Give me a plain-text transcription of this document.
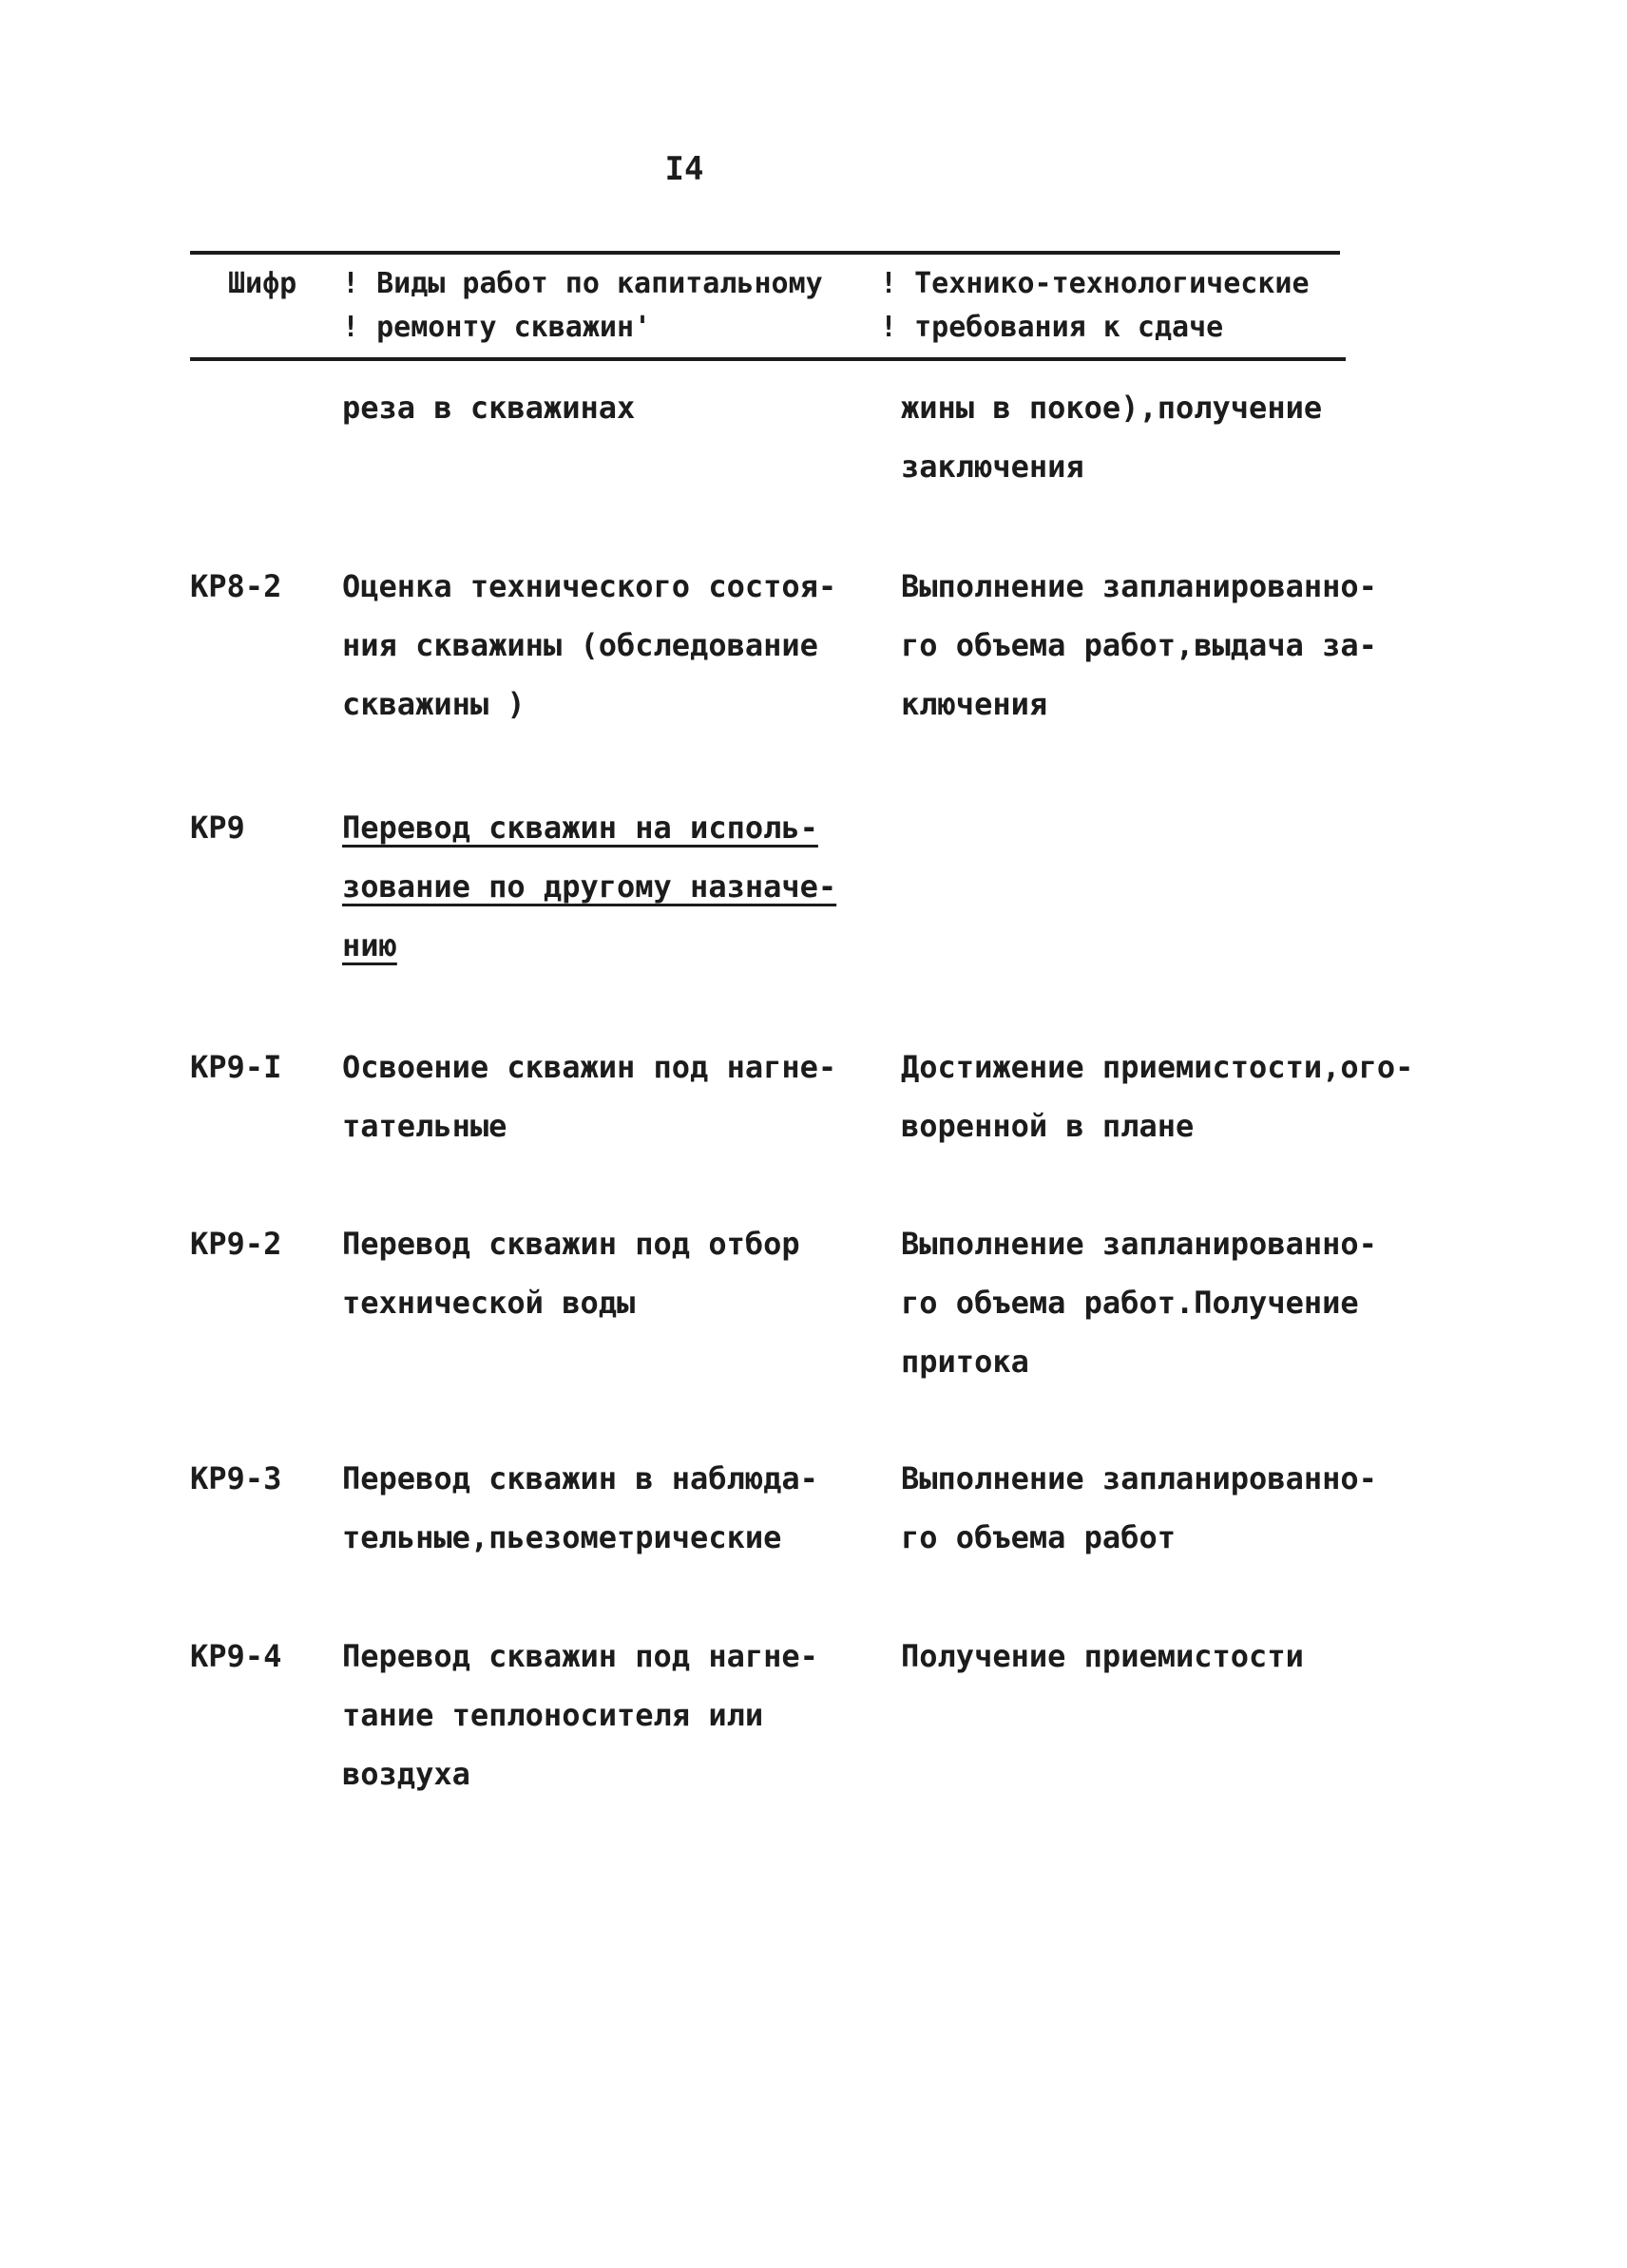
I4
Шифр ! Виды работ по капитальному
! ремонту скважин'
! Технико-технологические
! требования к сдаче
реза в скважинах	жины в покое),получение
заключения
КР8-2 Оценка технического состоя-
ния скважины (обследование
скважины )
Выполнение запланированно-
го объема работ,выдача за-
ключения
КР9	Перевод скважин на исполь-
зование по другому назначе-
нию
КР9-I Освоение скважин под нагне-
тательные
Достижение приемистости,ого-
воренной в плане
КР9-2 Перевод скважин под отбор
технической воды
Выполнение запланированно-
го объема работ.Получение
притока
КР9-3 Перевод скважин в наблюда-
тельные,пьезометрические
Выполнение запланированно-
го объема работ
КР9-4 Перевод скважин под нагне-
тание теплоносителя или
воздуха
Получение приемистости
